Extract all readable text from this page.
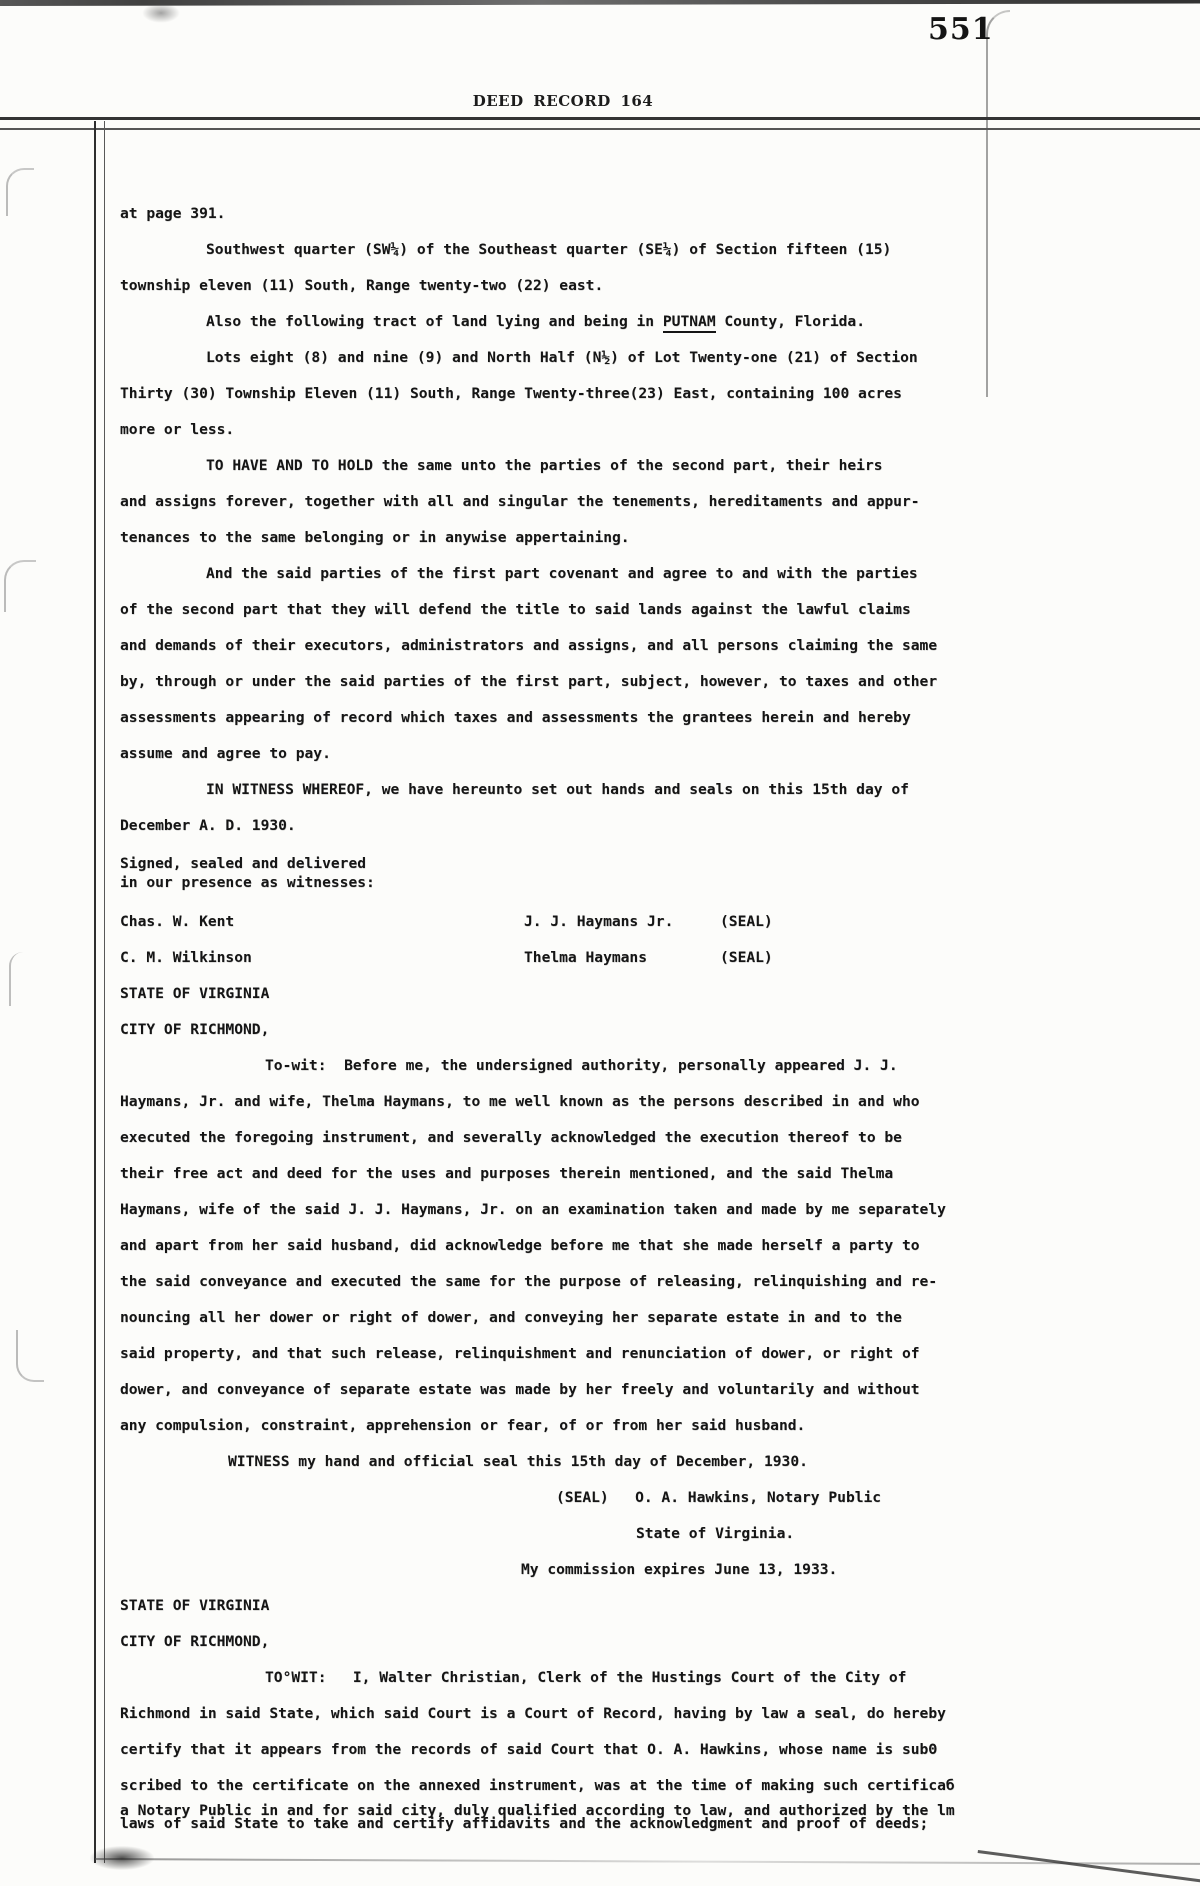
551
DEED RECORD 164
at page 391.
Southwest quarter (SW¼) of the Southeast quarter (SE¼) of Section fifteen (15)
township eleven (11) South, Range twenty-two (22) east.
Also the following tract of land lying and being in PUTNAM County, Florida.
Lots eight (8) and nine (9) and North Half (N½) of Lot Twenty-one (21) of Section
Thirty (30) Township Eleven (11) South, Range Twenty-three(23) East, containing 100 acres
more or less.
TO HAVE AND TO HOLD the same unto the parties of the second part, their heirs
and assigns forever, together with all and singular the tenements, hereditaments and appur-
tenances to the same belonging or in anywise appertaining.
And the said parties of the first part covenant and agree to and with the parties
of the second part that they will defend the title to said lands against the lawful claims
and demands of their executors, administrators and assigns, and all persons claiming the same
by, through or under the said parties of the first part, subject, however, to taxes and other
assessments appearing of record which taxes and assessments the grantees herein and hereby
assume and agree to pay.
IN WITNESS WHEREOF, we have hereunto set out hands and seals on this 15th day of
December A. D. 1930.
Signed, sealed and delivered
in our presence as witnesses:
Chas. W. Kent	J. J. Haymans Jr.	(SEAL)
C. M. Wilkinson	Thelma Haymans	(SEAL)
STATE OF VIRGINIA
CITY OF RICHMOND,
To-wit:  Before me, the undersigned authority, personally appeared J. J.
Haymans, Jr. and wife, Thelma Haymans, to me well known as the persons described in and who
executed the foregoing instrument, and severally acknowledged the execution thereof to be
their free act and deed for the uses and purposes therein mentioned, and the said Thelma
Haymans, wife of the said J. J. Haymans, Jr. on an examination taken and made by me separately
and apart from her said husband, did acknowledge before me that she made herself a party to
the said conveyance and executed the same for the purpose of releasing, relinquishing and re-
nouncing all her dower or right of dower, and conveying her separate estate in and to the
said property, and that such release, relinquishment and renunciation of dower, or right of
dower, and conveyance of separate estate was made by her freely and voluntarily and without
any compulsion, constraint, apprehension or fear, of or from her said husband.
WITNESS my hand and official seal this 15th day of December, 1930.
(SEAL)   O. A. Hawkins, Notary Public
State of Virginia.
My commission expires June 13, 1933.
STATE OF VIRGINIA
CITY OF RICHMOND,
TO°WIT:   I, Walter Christian, Clerk of the Hustings Court of the City of
Richmond in said State, which said Court is a Court of Record, having by law a seal, do hereby
certify that it appears from the records of said Court that O. A. Hawkins, whose name is subΘ
scribed to the certificate on the annexed instrument, was at the time of making such certificaб
a Notary Public in and for said city, duly qualified according to law, and authorized by the lm
laws of said State to take and certify affidavits and the acknowledgment and proof of deeds;
